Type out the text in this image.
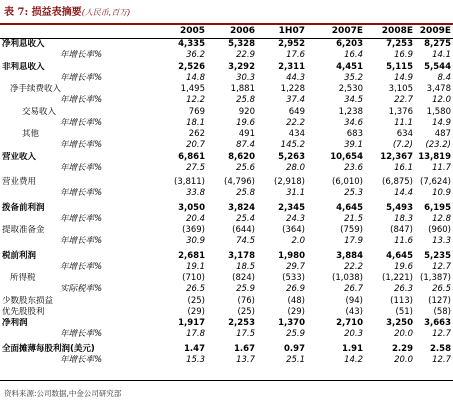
表 7: 损益表摘要(人民币,百万)
2005	2006	1H07	2007E	2008E 2009E
净利息收入	4,335	5,328	2,952	6,203	7,253	8,275
年增长率%	36.2	22.9	17.6	16.4	16.9	14.1
非利息收入	2,526	3,292	2,311	4,451	5,115	5,544
年增长率%	14.8	30.3	44.3	35.2	14.9	8.4
净手续费收入	1,495	1,881	1,228	2,530	3,105	3,478
年增长率%	12.2	25.8	37.4	34.5	22.7	12.0
交易收入	769	920	649	1,238	1,376	1,580
年增长率%	18.1	19.6	22.2	34.6	11.1	14.9
其他	262	491	434	683	634	487
年增长率%	20.7	87.4	145.2	39.1	(7.2)	(23.2)
营业收入	6,861	8,620	5,263	10,654	12,367	13,819
年增长率%	27.5	25.6	28.0	23.6	16.1	11.7
营业费用	(3,811)	(4,796)	(2,918)	(6,010)	(6,875)	(7,624)
年增长率%	33.8	25.8	31.1	25.3	14.4	10.9
拨备前利润	3,050	3,824	2,345	4,645	5,493	6,195
年增长率%	20.4	25.4	24.3	21.5	18.3	12.8
提取准备金	(369)	(644)	(364)	(759)	(847)	(960)
年增长率%	30.9	74.5	2.0	17.9	11.6	13.3
税前利润	2,681	3,178	1,980	3,884	4,645	5,235
年增长率%	19.1	18.5	29.7	22.2	19.6	12.7
所得税	(710)	(824)	(533)	(1,038)	(1,221)	(1,387)
实际税率%	26.5	25.9	26.9	26.7	26.3	26.5
少数股东损益	(25)	(76)	(48)	(94)	(113)	(127)
优先股股利	(29)	(25)	(29)	(43)	(51)	(58)
净利润	1,917	2,253	1,370	2,710	3,250	3,663
年增长率%	17.8	17.5	25.9	20.3	20.0	12.7
全面摊薄每股利润(美元)	1.47	1.67	0.97	1.91	2.29	2.58
年增长率%	15.3	13.7	25.1	14.2	20.0	12.7
资料来源:公司数据,中金公司研究部
